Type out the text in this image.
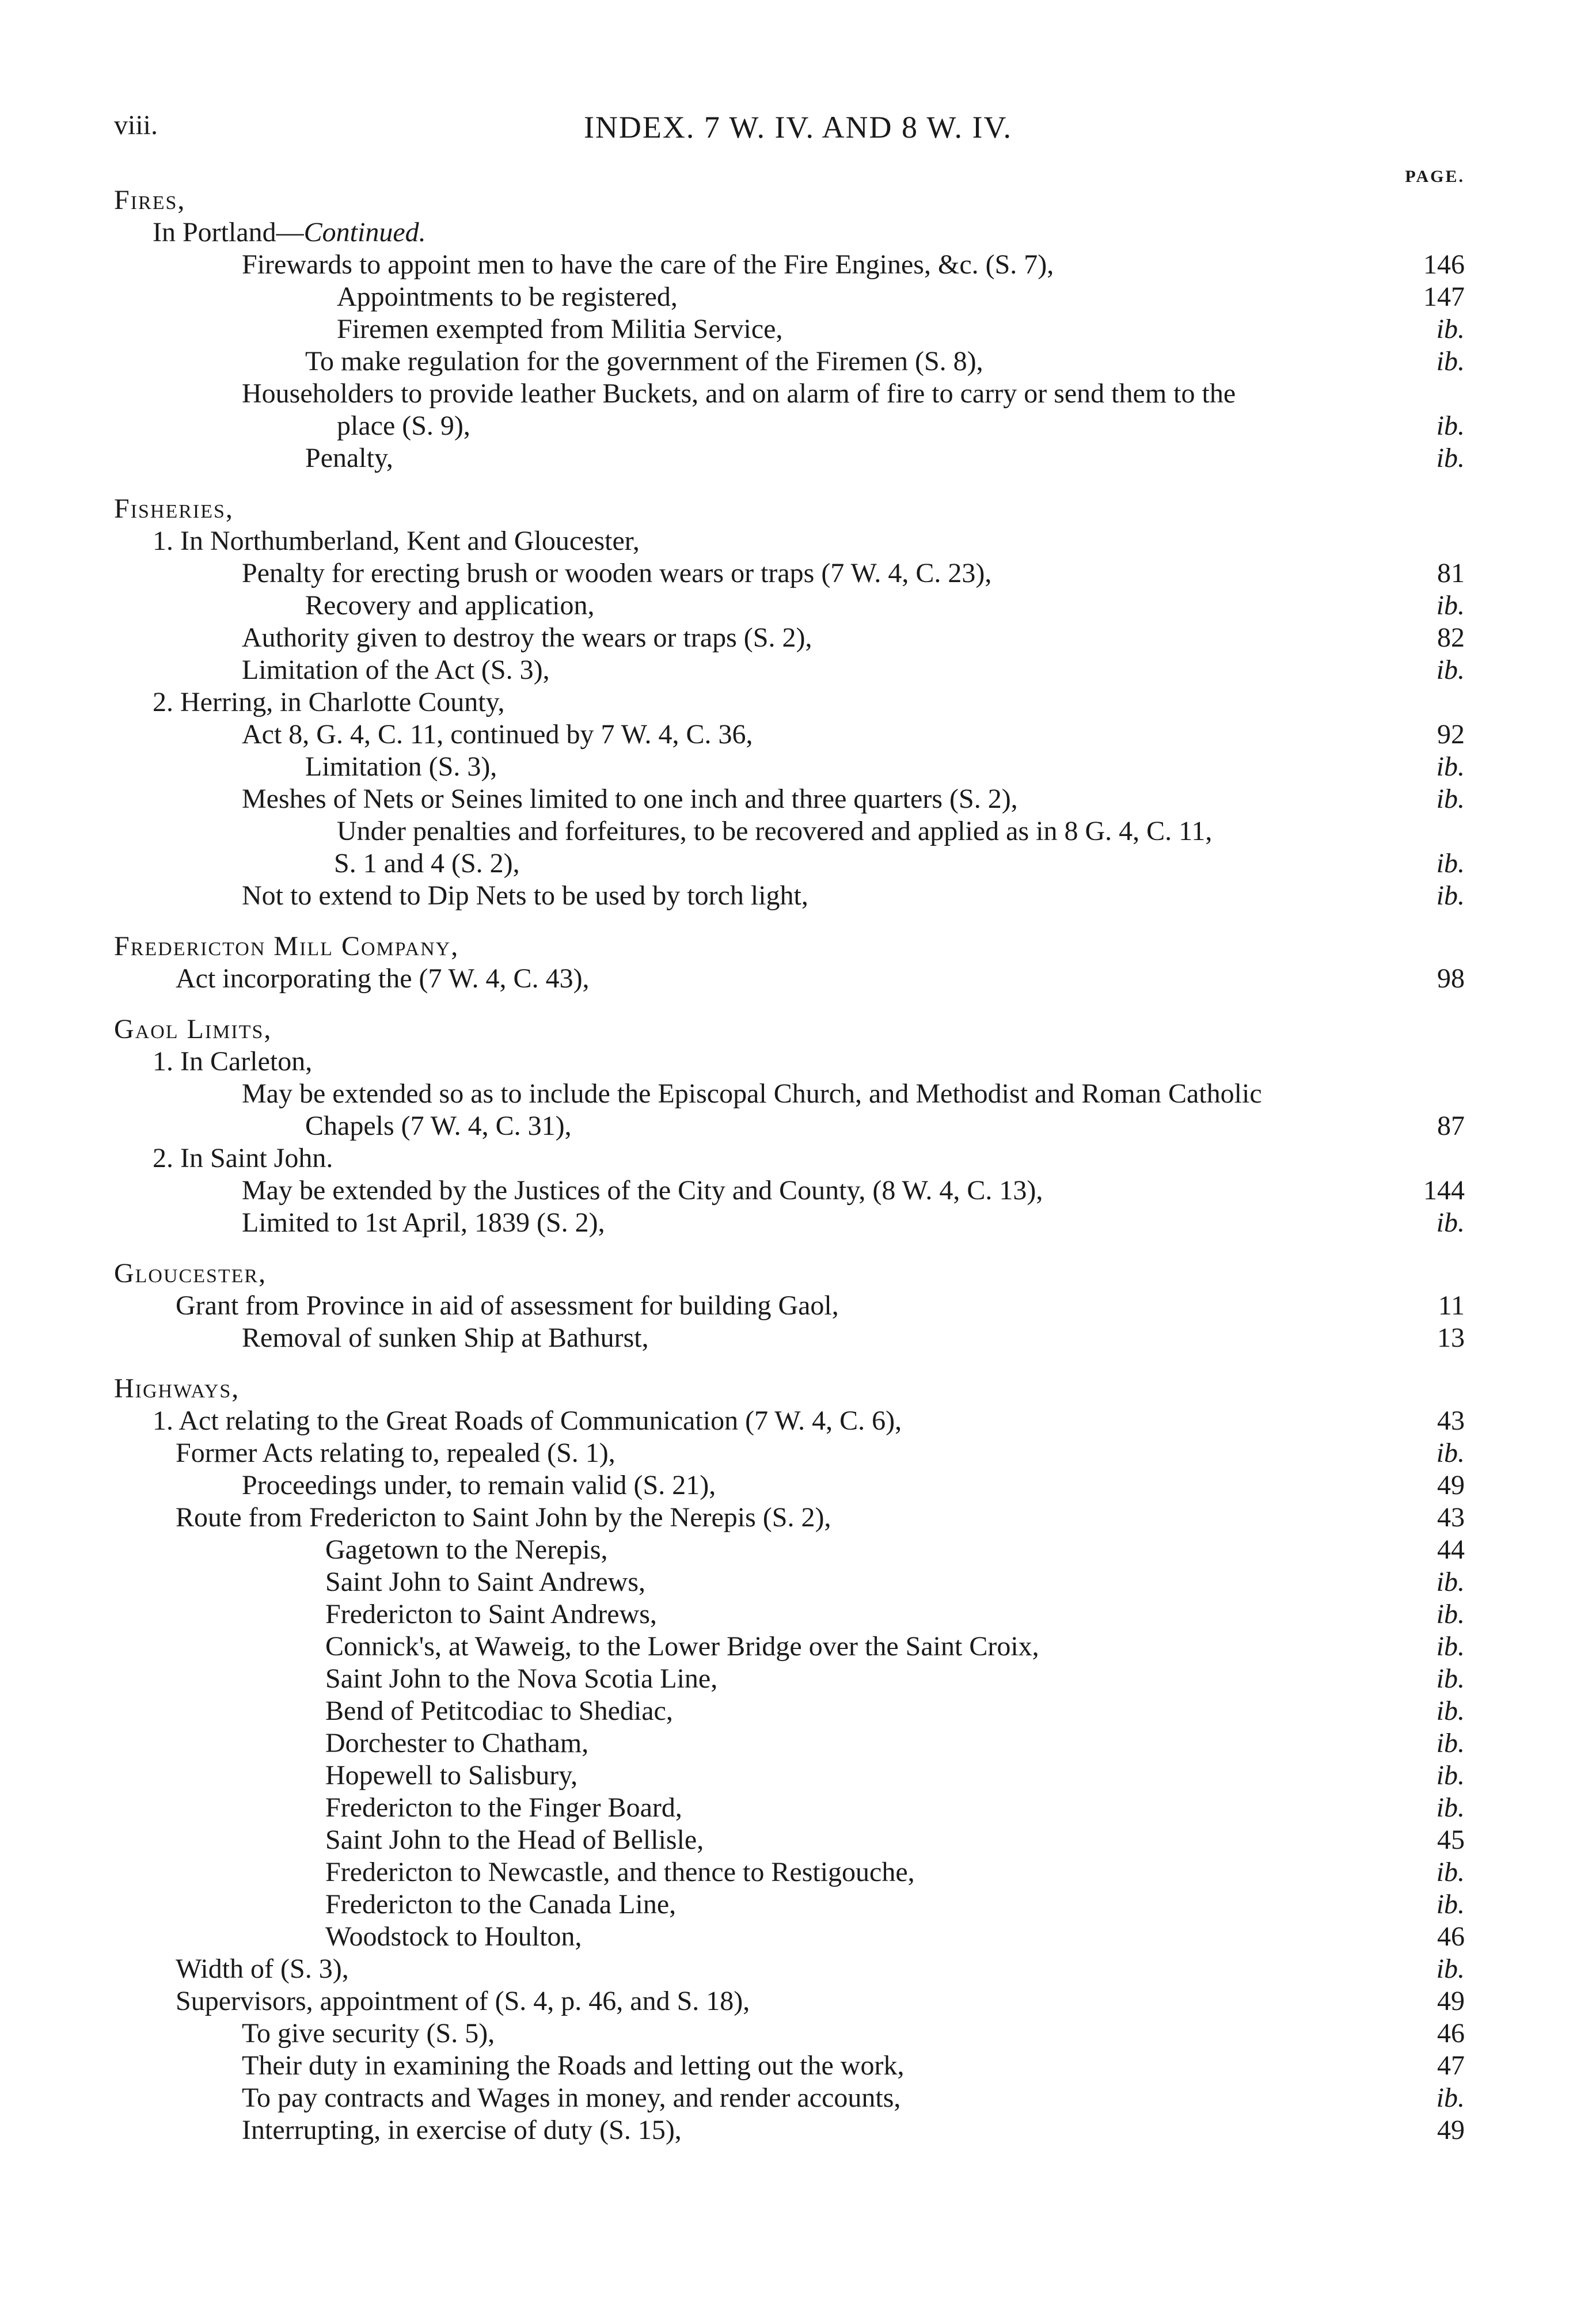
viii.	INDEX. 7 W. IV. AND 8 W. IV.
PAGE.
Fires,
In Portland—Continued.
Firewards to appoint men to have the care of the Fire Engines, &c. (S. 7),	146
Appointments to be registered,	147
Firemen exempted from Militia Service,	ib.
To make regulation for the government of the Firemen (S. 8),	ib.
Householders to provide leather Buckets, and on alarm of fire to carry or send them to the
place (S. 9),	ib.
Penalty,	ib.
Fisheries,
1. In Northumberland, Kent and Gloucester,
Penalty for erecting brush or wooden wears or traps (7 W. 4, C. 23),	81
Recovery and application,	ib.
Authority given to destroy the wears or traps (S. 2),	82
Limitation of the Act (S. 3),	ib.
2. Herring, in Charlotte County,
Act 8, G. 4, C. 11, continued by 7 W. 4, C. 36,	92
Limitation (S. 3),	ib.
Meshes of Nets or Seines limited to one inch and three quarters (S. 2),	ib.
Under penalties and forfeitures, to be recovered and applied as in 8 G. 4, C. 11,
S. 1 and 4 (S. 2),	ib.
Not to extend to Dip Nets to be used by torch light,	ib.
Fredericton Mill Company,
Act incorporating the (7 W. 4, C. 43),	98
Gaol Limits,
1. In Carleton,
May be extended so as to include the Episcopal Church, and Methodist and Roman Catholic
Chapels (7 W. 4, C. 31),	87
2. In Saint John.
May be extended by the Justices of the City and County, (8 W. 4, C. 13),	144
Limited to 1st April, 1839 (S. 2),	ib.
Gloucester,
Grant from Province in aid of assessment for building Gaol,	11
Removal of sunken Ship at Bathurst,	13
Highways,
1. Act relating to the Great Roads of Communication (7 W. 4, C. 6),	43
Former Acts relating to, repealed (S. 1),	ib.
Proceedings under, to remain valid (S. 21),	49
Route from Fredericton to Saint John by the Nerepis (S. 2),	43
Gagetown to the Nerepis,	44
Saint John to Saint Andrews,	ib.
Fredericton to Saint Andrews,	ib.
Connick's, at Waweig, to the Lower Bridge over the Saint Croix,	ib.
Saint John to the Nova Scotia Line,	ib.
Bend of Petitcodiac to Shediac,	ib.
Dorchester to Chatham,	ib.
Hopewell to Salisbury,	ib.
Fredericton to the Finger Board,	ib.
Saint John to the Head of Bellisle,	45
Fredericton to Newcastle, and thence to Restigouche,	ib.
Fredericton to the Canada Line,	ib.
Woodstock to Houlton,	46
Width of (S. 3),	ib.
Supervisors, appointment of (S. 4, p. 46, and S. 18),	49
To give security (S. 5),	46
Their duty in examining the Roads and letting out the work,	47
To pay contracts and Wages in money, and render accounts,	ib.
Interrupting, in exercise of duty (S. 15),	49
